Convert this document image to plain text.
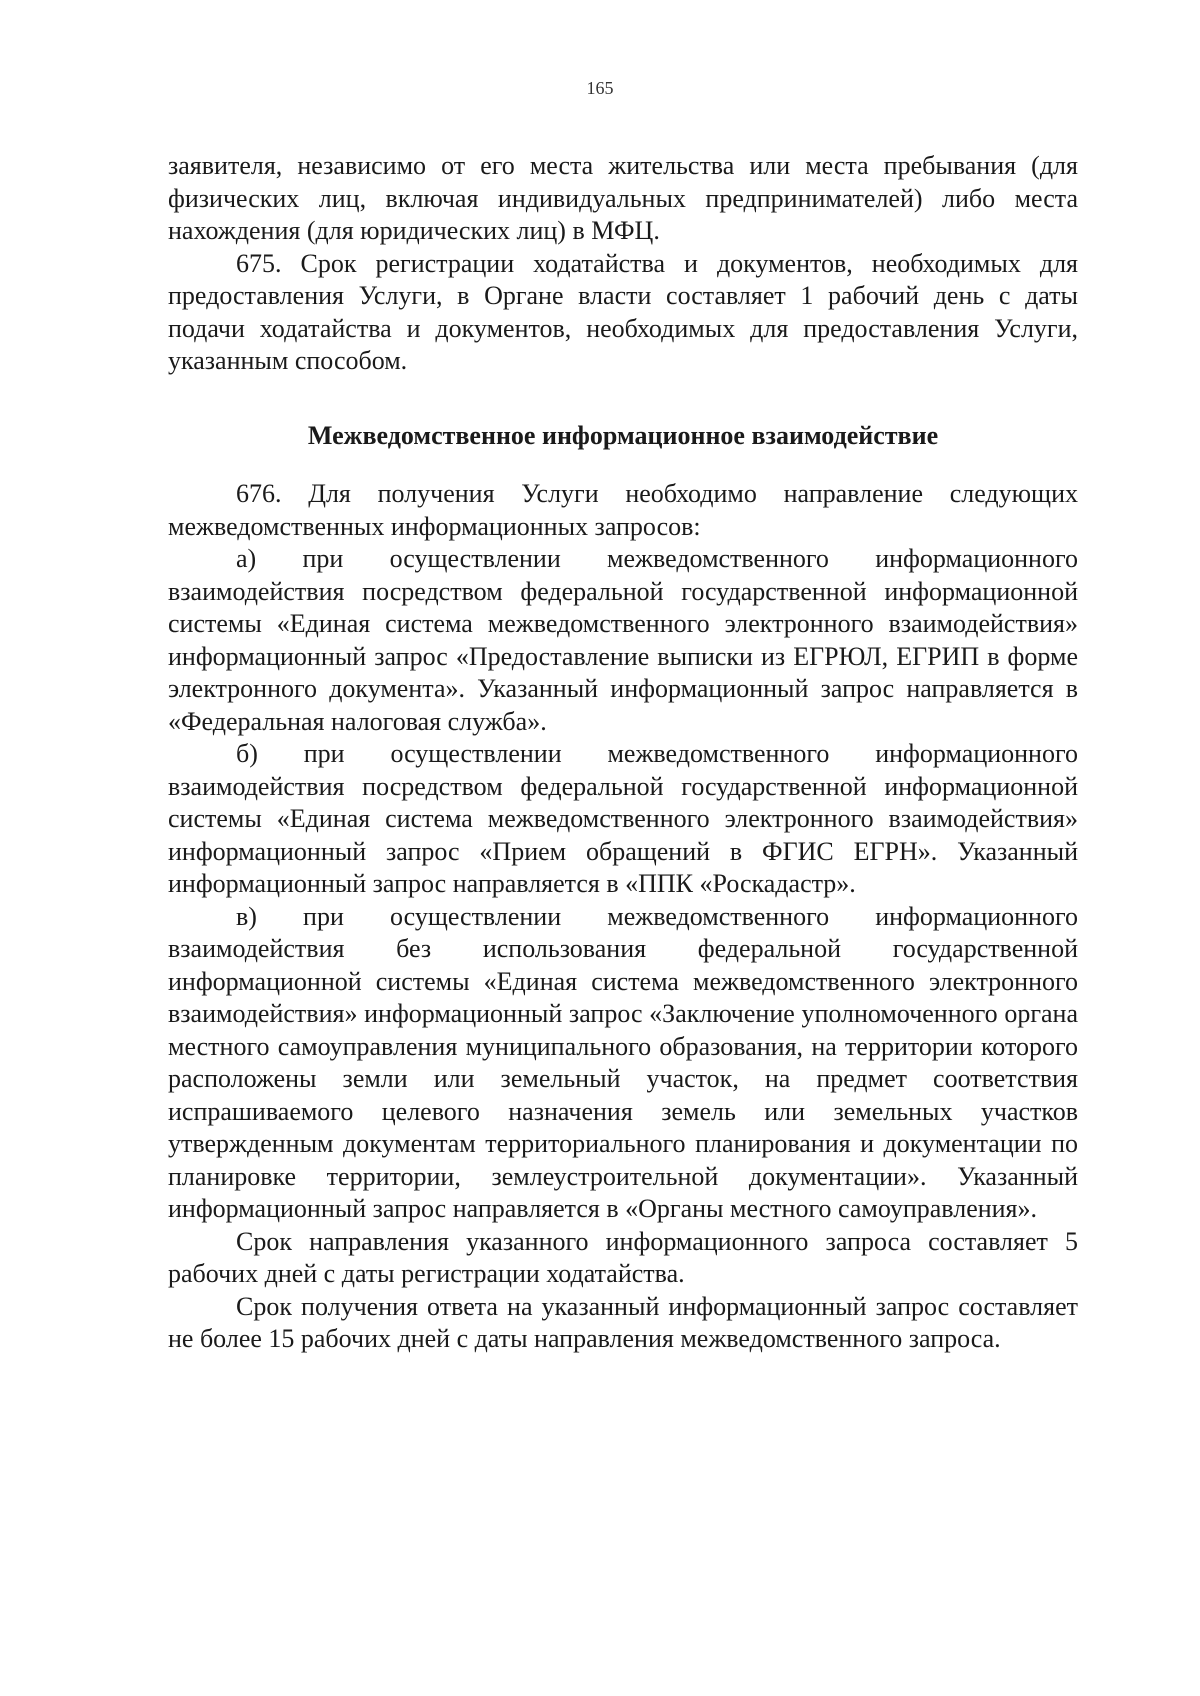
165

заявителя, независимо от его места жительства или места пребывания (для физических лиц, включая индивидуальных предпринимателей) либо места нахождения (для юридических лиц) в МФЦ.

675. Срок регистрации ходатайства и документов, необходимых для предоставления Услуги, в Органе власти составляет 1 рабочий день с даты подачи ходатайства и документов, необходимых для предоставления Услуги, указанным способом.

Межведомственное информационное взаимодействие

676. Для получения Услуги необходимо направление следующих межведомственных информационных запросов:

а) при осуществлении межведомственного информационного взаимодействия посредством федеральной государственной информационной системы «Единая система межведомственного электронного взаимодействия» информационный запрос «Предоставление выписки из ЕГРЮЛ, ЕГРИП в форме электронного документа». Указанный информационный запрос направляется в «Федеральная налоговая служба».

б) при осуществлении межведомственного информационного взаимодействия посредством федеральной государственной информационной системы «Единая система межведомственного электронного взаимодействия» информационный запрос «Прием обращений в ФГИС ЕГРН». Указанный информационный запрос направляется в «ППК «Роскадастр».

в) при осуществлении межведомственного информационного взаимодействия без использования федеральной государственной информационной системы «Единая система межведомственного электронного взаимодействия» информационный запрос «Заключение уполномоченного органа местного самоуправления муниципального образования, на территории которого расположены земли или земельный участок, на предмет соответствия испрашиваемого целевого назначения земель или земельных участков утвержденным документам территориального планирования и документации по планировке территории, землеустроительной документации». Указанный информационный запрос направляется в «Органы местного самоуправления».

Срок направления указанного информационного запроса составляет 5 рабочих дней с даты регистрации ходатайства.

Срок получения ответа на указанный информационный запрос составляет не более 15 рабочих дней с даты направления межведомственного запроса.
